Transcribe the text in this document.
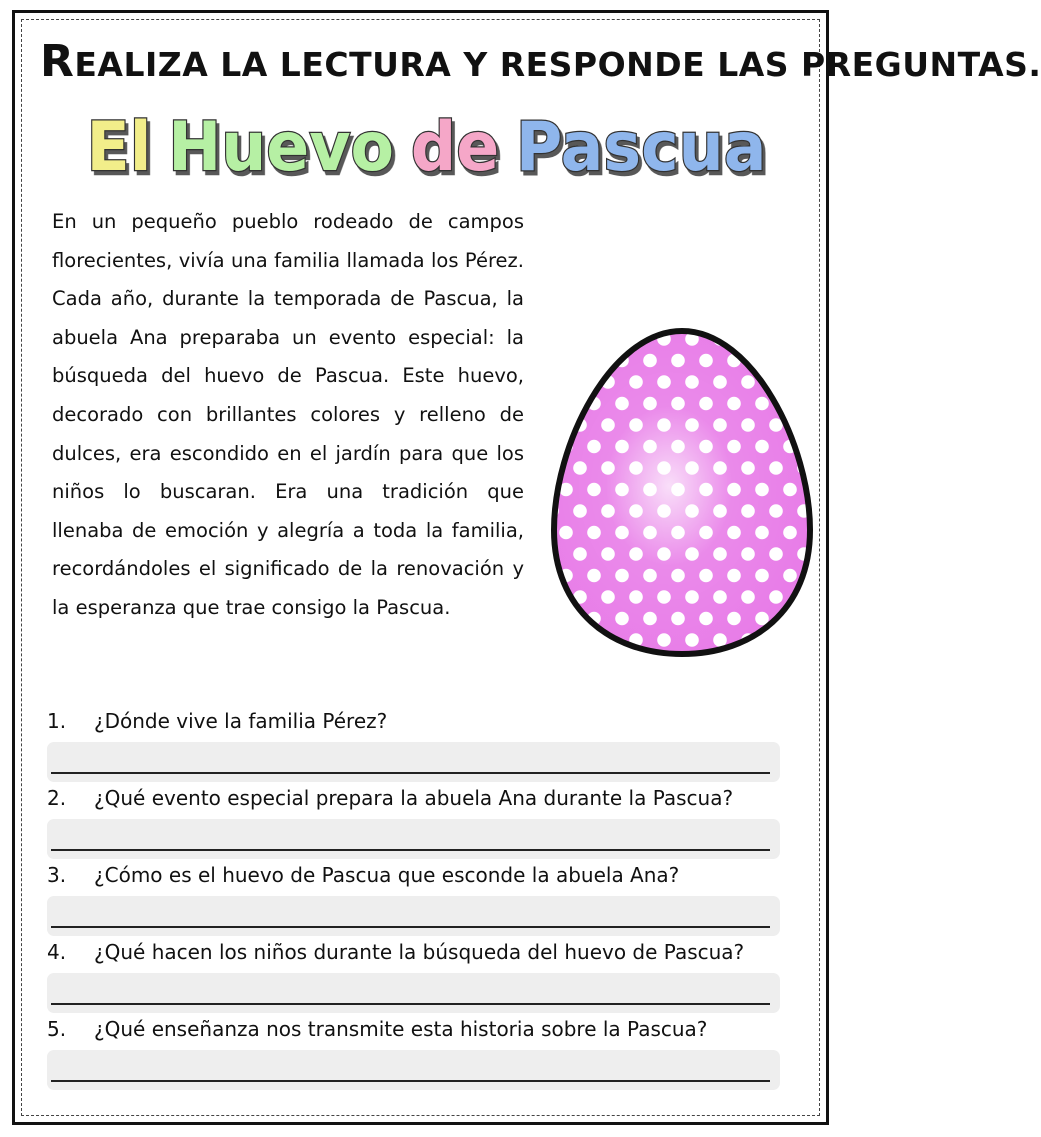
REALIZA LA LECTURA Y RESPONDE LAS PREGUNTAS.
El Huevo de Pascua

En un pequeño pueblo rodeado de campos florecientes, vivía una familia llamada los Pérez. Cada año, durante la temporada de Pascua, la abuela Ana preparaba un evento especial: la búsqueda del huevo de Pascua. Este huevo, decorado con brillantes colores y relleno de dulces, era escondido en el jardín para que los niños lo buscaran. Era una tradición que llenaba de emoción y alegría a toda la familia, recordándoles el significado de la renovación y la esperanza que trae consigo la Pascua.

1. ¿Dónde vive la familia Pérez?
2. ¿Qué evento especial prepara la abuela Ana durante la Pascua?
3. ¿Cómo es el huevo de Pascua que esconde la abuela Ana?
4. ¿Qué hacen los niños durante la búsqueda del huevo de Pascua?
5. ¿Qué enseñanza nos transmite esta historia sobre la Pascua?
